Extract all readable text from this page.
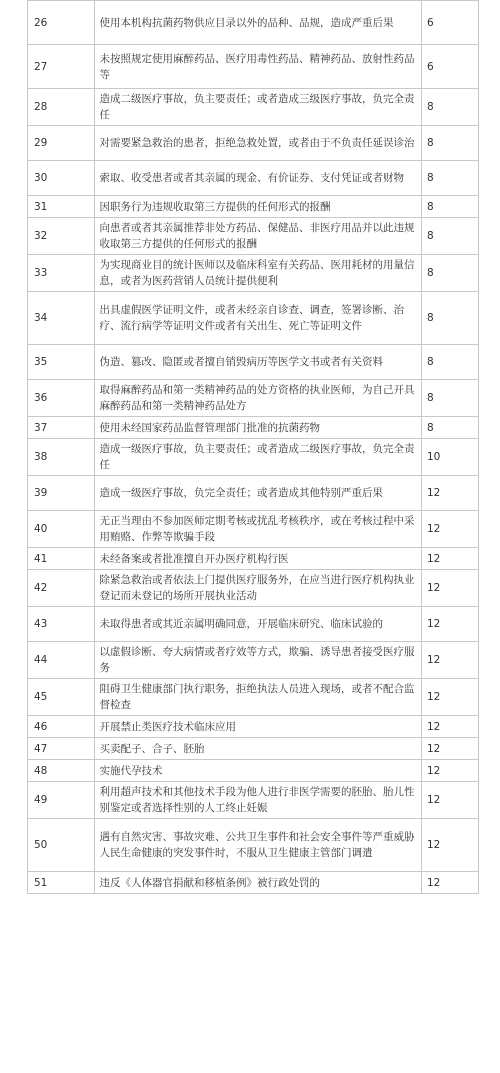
26	使用本机构抗菌药物供应目录以外的品种、品规，造成严重后果	6
27	未按照规定使用麻醉药品、医疗用毒性药品、精神药品、放射性药品等	6
28	造成二级医疗事故，负主要责任；或者造成三级医疗事故，负完全责任	8
29	对需要紧急救治的患者，拒绝急救处置，或者由于不负责任延误诊治	8
30	索取、收受患者或者其亲属的现金、有价证券、支付凭证或者财物	8
31	因职务行为违规收取第三方提供的任何形式的报酬	8
32	向患者或者其亲属推荐非处方药品、保健品、非医疗用品并以此违规收取第三方提供的任何形式的报酬	8
33	为实现商业目的统计医师以及临床科室有关药品、医用耗材的用量信息，或者为医药营销人员统计提供便利	8
34	出具虚假医学证明文件，或者未经亲自诊查、调查，签署诊断、治疗、流行病学等证明文件或者有关出生、死亡等证明文件	8
35	伪造、篡改、隐匿或者擅自销毁病历等医学文书或者有关资料	8
36	取得麻醉药品和第一类精神药品的处方资格的执业医师，为自己开具麻醉药品和第一类精神药品处方	8
37	使用未经国家药品监督管理部门批准的抗菌药物	8
38	造成一级医疗事故，负主要责任；或者造成二级医疗事故，负完全责任	10
39	造成一级医疗事故，负完全责任；或者造成其他特别严重后果	12
40	无正当理由不参加医师定期考核或扰乱考核秩序，或在考核过程中采用贿赂、作弊等欺骗手段	12
41	未经备案或者批准擅自开办医疗机构行医	12
42	除紧急救治或者依法上门提供医疗服务外，在应当进行医疗机构执业登记而未登记的场所开展执业活动	12
43	未取得患者或其近亲属明确同意，开展临床研究、临床试验的	12
44	以虚假诊断、夸大病情或者疗效等方式，欺骗、诱导患者接受医疗服务	12
45	阻碍卫生健康部门执行职务，拒绝执法人员进入现场，或者不配合监督检查	12
46	开展禁止类医疗技术临床应用	12
47	买卖配子、合子、胚胎	12
48	实施代孕技术	12
49	利用超声技术和其他技术手段为他人进行非医学需要的胚胎、胎儿性别鉴定或者选择性别的人工终止妊娠	12
50	遇有自然灾害、事故灾难、公共卫生事件和社会安全事件等严重威胁人民生命健康的突发事件时，不服从卫生健康主管部门调遣	12
51	违反《人体器官捐献和移植条例》被行政处罚的	12
